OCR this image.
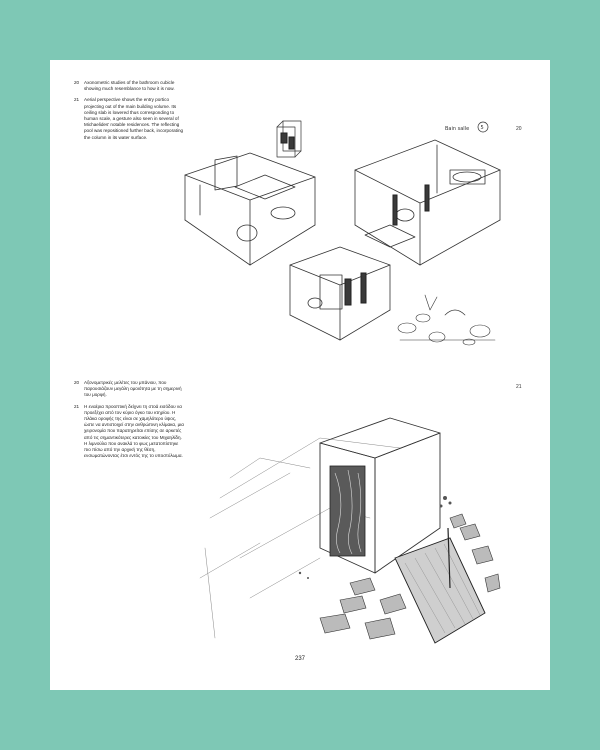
20	Axonometric studies of the bathroom cubicle showing much resemblance to how it is now.
21	Aerial perspective shows the entry portico projecting out of the main building volume. Its ceiling slab is lowered thus corresponding to human scale, a gesture also seen in several of Michaelides' notable residences. The reflecting pool was repositioned further back, incorporating the column in its water surface.
20
Bain salle 5
20	Αξονομετρικές μελέτες του μπάνιου, που παρουσιάζουν μεγάλη ομοιότητα με τη σημερινή του μορφή.
21	Η εναέρια προοπτική δείχνει τη στοά εισόδου να προεξέχει από τον κύριο όγκο του κτηρίου. Η πλάκα οροφής της είναι σε χαμηλότερο ύψος, ώστε να αντιστοιχεί στην ανθρώπινη κλίμακα, μια χειρονομία που παρατηρείται επίσης σε αρκετές από τις σημαντικότερες κατοικίες του Μιχαηλίδη. Η λιμνούλα που ανακλά το φως μετατοπίστηκε πιο πίσω από την αρχική της θέση, ενσωματώνοντας έτσι εντός της το υποστύλωμα.
21
237
